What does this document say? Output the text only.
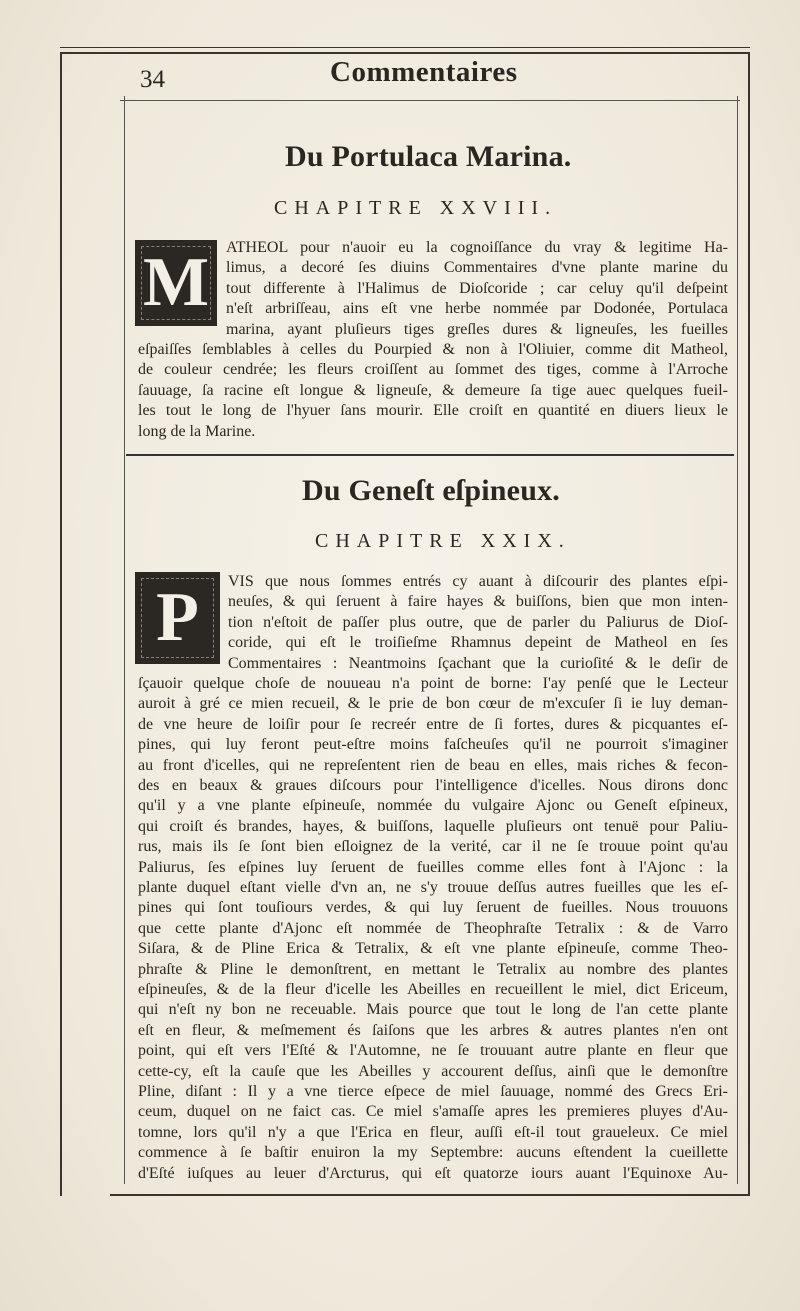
34	Commentaires
Du Portulaca Marina.
CHAPITRE XXVIII.
M	ATHEOL pour n'auoir eu la cognoiſſance du vray & legitime Ha-
limus, a decoré ſes diuins Commentaires d'vne plante marine du
tout differente à l'Halimus de Dioſcoride ; car celuy qu'il deſpeint
n'eſt arbriſſeau, ains eſt vne herbe nommée par Dodonée, Portulaca
marina, ayant pluſieurs tiges greſles dures & ligneuſes, les fueilles
eſpaiſſes ſemblables à celles du Pourpied & non à l'Oliuier, comme dit Matheol,
de couleur cendrée; les fleurs croiſſent au ſommet des tiges, comme à l'Arroche
ſauuage, ſa racine eſt longue & ligneuſe, & demeure ſa tige auec quelques fueil-
les tout le long de l'hyuer ſans mourir. Elle croiſt en quantité en diuers lieux le
long de la Marine.
Du Geneſt eſpineux.
CHAPITRE XXIX.
P	VIS que nous ſommes entrés cy auant à diſcourir des plantes eſpi-
neuſes, & qui ſeruent à faire hayes & buiſſons, bien que mon inten-
tion n'eſtoit de paſſer plus outre, que de parler du Paliurus de Dioſ-
coride, qui eſt le troiſieſme Rhamnus depeint de Matheol en ſes
Commentaires : Neantmoins ſçachant que la curioſité & le deſir de
ſçauoir quelque choſe de nouueau n'a point de borne: I'ay penſé que le Lecteur
auroit à gré ce mien recueil, & le prie de bon cœur de m'excuſer ſi ie luy deman-
de vne heure de loiſir pour ſe recreér entre de ſi fortes, dures & picquantes eſ-
pines, qui luy feront peut-eſtre moins faſcheuſes qu'il ne pourroit s'imaginer
au front d'icelles, qui ne repreſentent rien de beau en elles, mais riches & fecon-
des en beaux & graues diſcours pour l'intelligence d'icelles. Nous dirons donc
qu'il y a vne plante eſpineuſe, nommée du vulgaire Ajonc ou Geneſt eſpineux,
qui croiſt és brandes, hayes, & buiſſons, laquelle pluſieurs ont tenuë pour Paliu-
rus, mais ils ſe ſont bien eſloignez de la verité, car il ne ſe trouue point qu'au
Paliurus, ſes eſpines luy ſeruent de fueilles comme elles font à l'Ajonc : la
plante duquel eſtant vielle d'vn an, ne s'y trouue deſſus autres fueilles que les eſ-
pines qui ſont touſiours verdes, & qui luy ſeruent de fueilles. Nous trouuons
que cette plante d'Ajonc eſt nommée de Theophraſte Tetralix : & de Varro
Siſara, & de Pline Erica & Tetralix, & eſt vne plante eſpineuſe, comme Theo-
phraſte & Pline le demonſtrent, en mettant le Tetralix au nombre des plantes
eſpineuſes, & de la fleur d'icelle les Abeilles en recueillent le miel, dict Ericeum,
qui n'eſt ny bon ne receuable. Mais pource que tout le long de l'an cette plante
eſt en fleur, & meſmement és ſaiſons que les arbres & autres plantes n'en ont
point, qui eſt vers l'Eſté & l'Automne, ne ſe trouuant autre plante en fleur que
cette-cy, eſt la cauſe que les Abeilles y accourent deſſus, ainſi que le demonſtre
Pline, diſant : Il y a vne tierce eſpece de miel ſauuage, nommé des Grecs Eri-
ceum, duquel on ne faict cas. Ce miel s'amaſſe apres les premieres pluyes d'Au-
tomne, lors qu'il n'y a que l'Erica en fleur, auſſi eſt-il tout graueleux. Ce miel
commence à ſe baſtir enuiron la my Septembre: aucuns eſtendent la cueillette
d'Eſté iuſques au leuer d'Arcturus, qui eſt quatorze iours auant l'Equinoxe Au-
